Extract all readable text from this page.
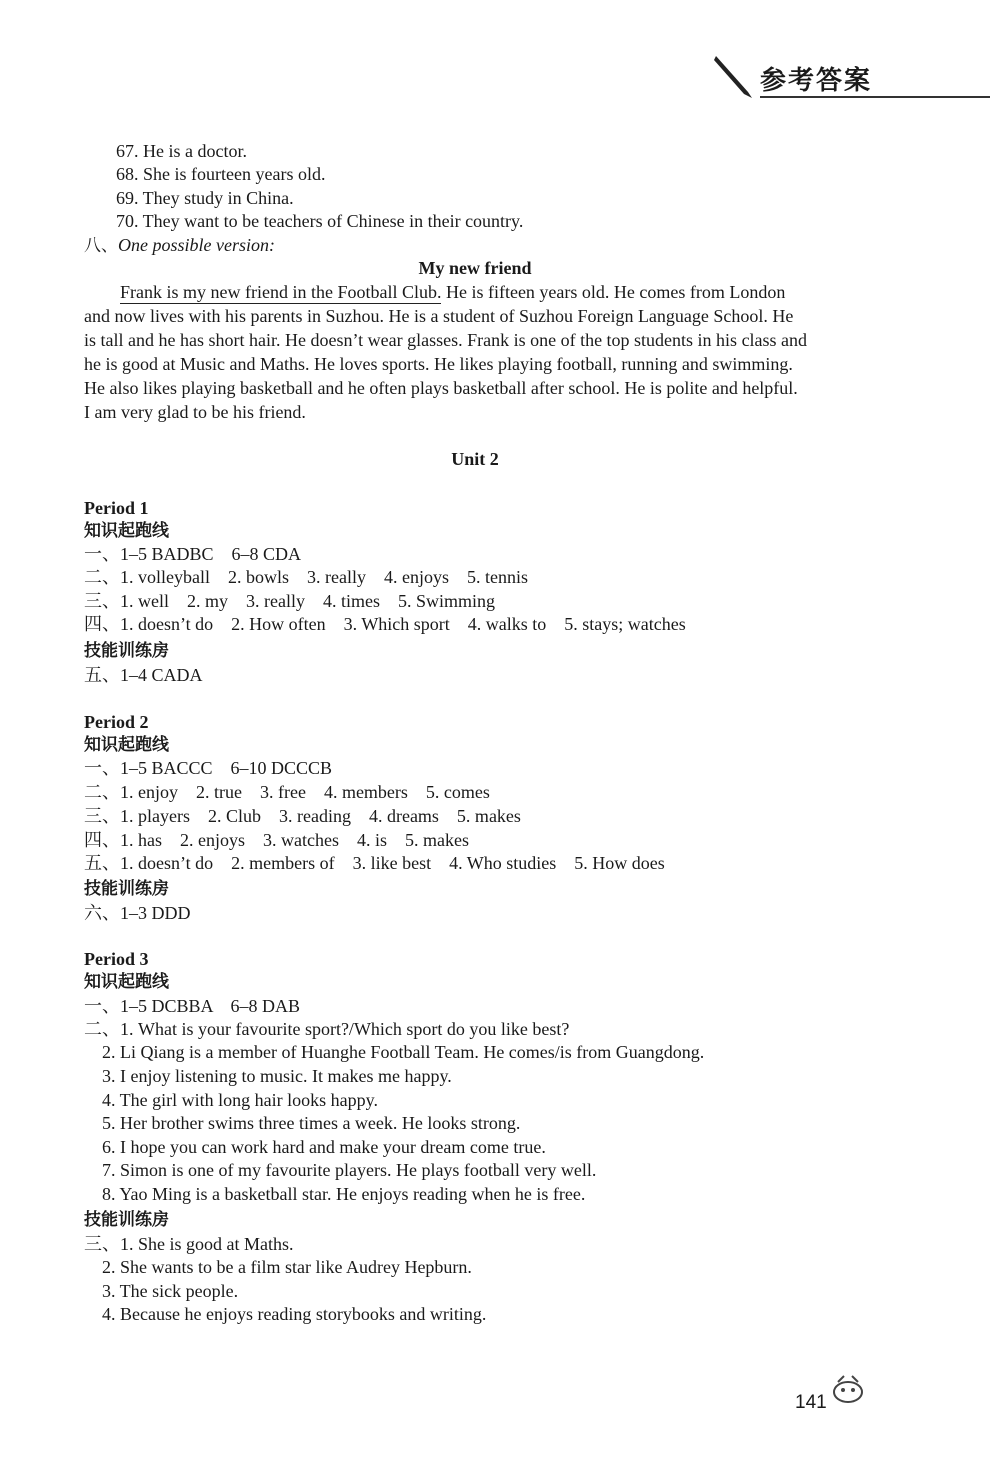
参考答案
67. He is a doctor.
68. She is fourteen years old.
69. They study in China.
70. They want to be teachers of Chinese in their country.
八、One possible version:
My new friend
Frank is my new friend in the Football Club. He is fifteen years old. He comes from London
and now lives with his parents in Suzhou. He is a student of Suzhou Foreign Language School. He
is tall and he has short hair. He doesn’t wear glasses. Frank is one of the top students in his class and
he is good at Music and Maths. He loves sports. He likes playing football, running and swimming.
He also likes playing basketball and he often plays basketball after school. He is polite and helpful.
I am very glad to be his friend.
Unit 2
Period 1
知识起跑线
一、1–5 BADBC    6–8 CDA
二、1. volleyball    2. bowls    3. really    4. enjoys    5. tennis
三、1. well    2. my    3. really    4. times    5. Swimming
四、1. doesn’t do    2. How often    3. Which sport    4. walks to    5. stays; watches
技能训练房
五、1–4 CADA
Period 2
知识起跑线
一、1–5 BACCC    6–10 DCCCB
二、1. enjoy    2. true    3. free    4. members    5. comes
三、1. players    2. Club    3. reading    4. dreams    5. makes
四、1. has    2. enjoys    3. watches    4. is    5. makes
五、1. doesn’t do    2. members of    3. like best    4. Who studies    5. How does
技能训练房
六、1–3 DDD
Period 3
知识起跑线
一、1–5 DCBBA    6–8 DAB
二、1. What is your favourite sport?/Which sport do you like best?
2. Li Qiang is a member of Huanghe Football Team. He comes/is from Guangdong.
3. I enjoy listening to music. It makes me happy.
4. The girl with long hair looks happy.
5. Her brother swims three times a week. He looks strong.
6. I hope you can work hard and make your dream come true.
7. Simon is one of my favourite players. He plays football very well.
8. Yao Ming is a basketball star. He enjoys reading when he is free.
技能训练房
三、1. She is good at Maths.
2. She wants to be a film star like Audrey Hepburn.
3. The sick people.
4. Because he enjoys reading storybooks and writing.
141
